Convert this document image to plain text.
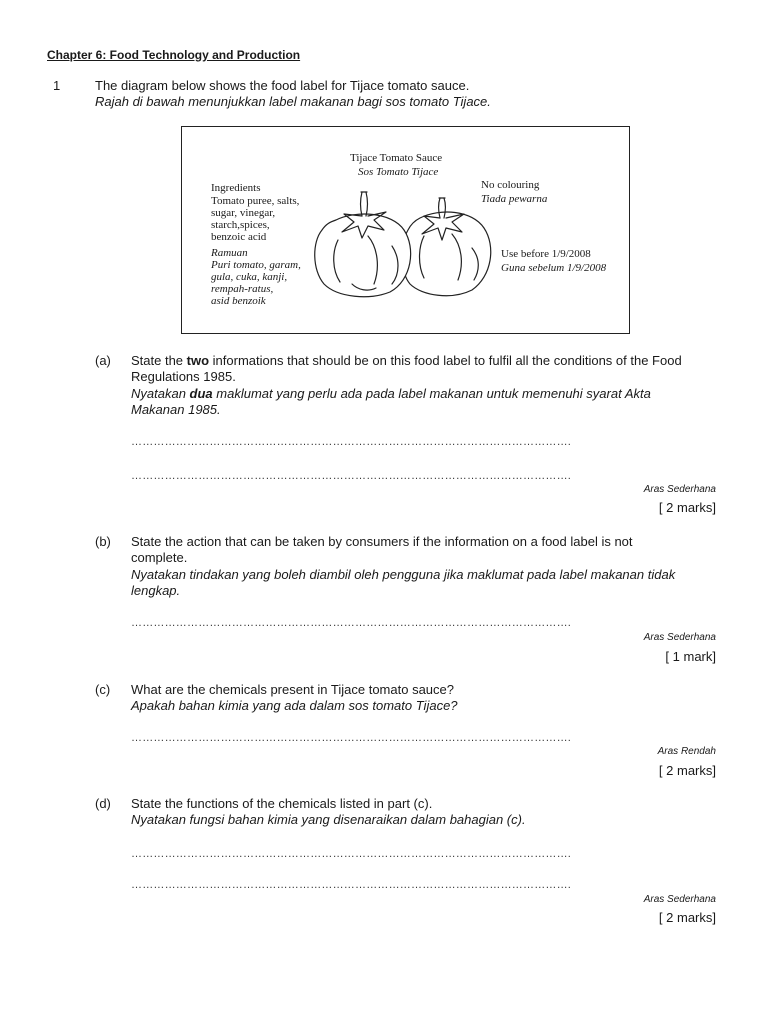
Chapter 6: Food Technology and Production
1	The diagram below shows the food label for Tijace tomato sauce.
Rajah di bawah menunjukkan label makanan bagi sos tomato Tijace.
Tijace Tomato Sauce
Sos Tomato Tijace
Ingredients
Tomato puree, salts,
sugar, vinegar,
starch,spices,
benzoic acid
Ramuan
Puri tomato, garam,
gula, cuka, kanji,
rempah-ratus,
asid benzoik
No colouring
Tiada pewarna
Use before 1/9/2008
Guna sebelum 1/9/2008
(a) State the two informations that should be on this food label to fulfil all the conditions of the Food
Regulations 1985.
Nyatakan dua maklumat yang perlu ada pada label makanan untuk memenuhi syarat Akta
Makanan 1985.
……………………………………………………………………………………………………….
……………………………………………………………………………………………………….
Aras Sederhana
[ 2 marks]
(b) State the action that can be taken by consumers if the information on a food label is not
complete.
Nyatakan tindakan yang boleh diambil oleh pengguna jika maklumat pada label makanan tidak
lengkap.
……………………………………………………………………………………………………….
Aras Sederhana
[ 1 mark]
(c) What are the chemicals present in Tijace tomato sauce?
Apakah bahan kimia yang ada dalam sos tomato Tijace?
……………………………………………………………………………………………………….
Aras Rendah
[ 2 marks]
(d) State the functions of the chemicals listed in part (c).
Nyatakan fungsi bahan kimia yang disenaraikan dalam bahagian (c).
……………………………………………………………………………………………………….
……………………………………………………………………………………………………….
Aras Sederhana
[ 2 marks]
